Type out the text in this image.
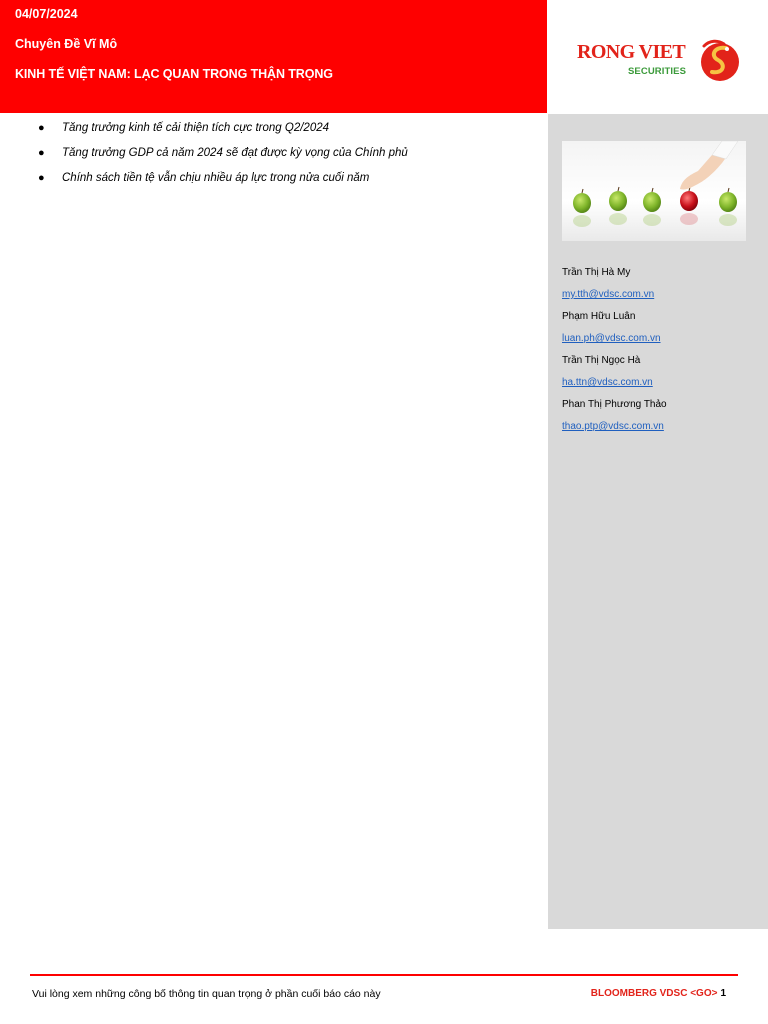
04/07/2024
Chuyên Đề Vĩ Mô
KINH TẾ VIỆT NAM: LẠC QUAN TRONG THẬN TRỌNG
RONG VIET
SECURITIES
● Tăng trưởng kinh tế cải thiện tích cực trong Q2/2024
● Tăng trưởng GDP cả năm 2024 sẽ đạt được kỳ vọng của Chính phủ
● Chính sách tiền tệ vẫn chịu nhiều áp lực trong nửa cuối năm
Trần Thị Hà My
my.tth@vdsc.com.vn
Phạm Hữu Luân
luan.ph@vdsc.com.vn
Trần Thị Ngọc Hà
ha.ttn@vdsc.com.vn
Phan Thị Phương Thảo
thao.ptp@vdsc.com.vn
Vui lòng xem những công bố thông tin quan trọng ở phần cuối báo cáo này	BLOOMBERG VDSC <GO> 1
